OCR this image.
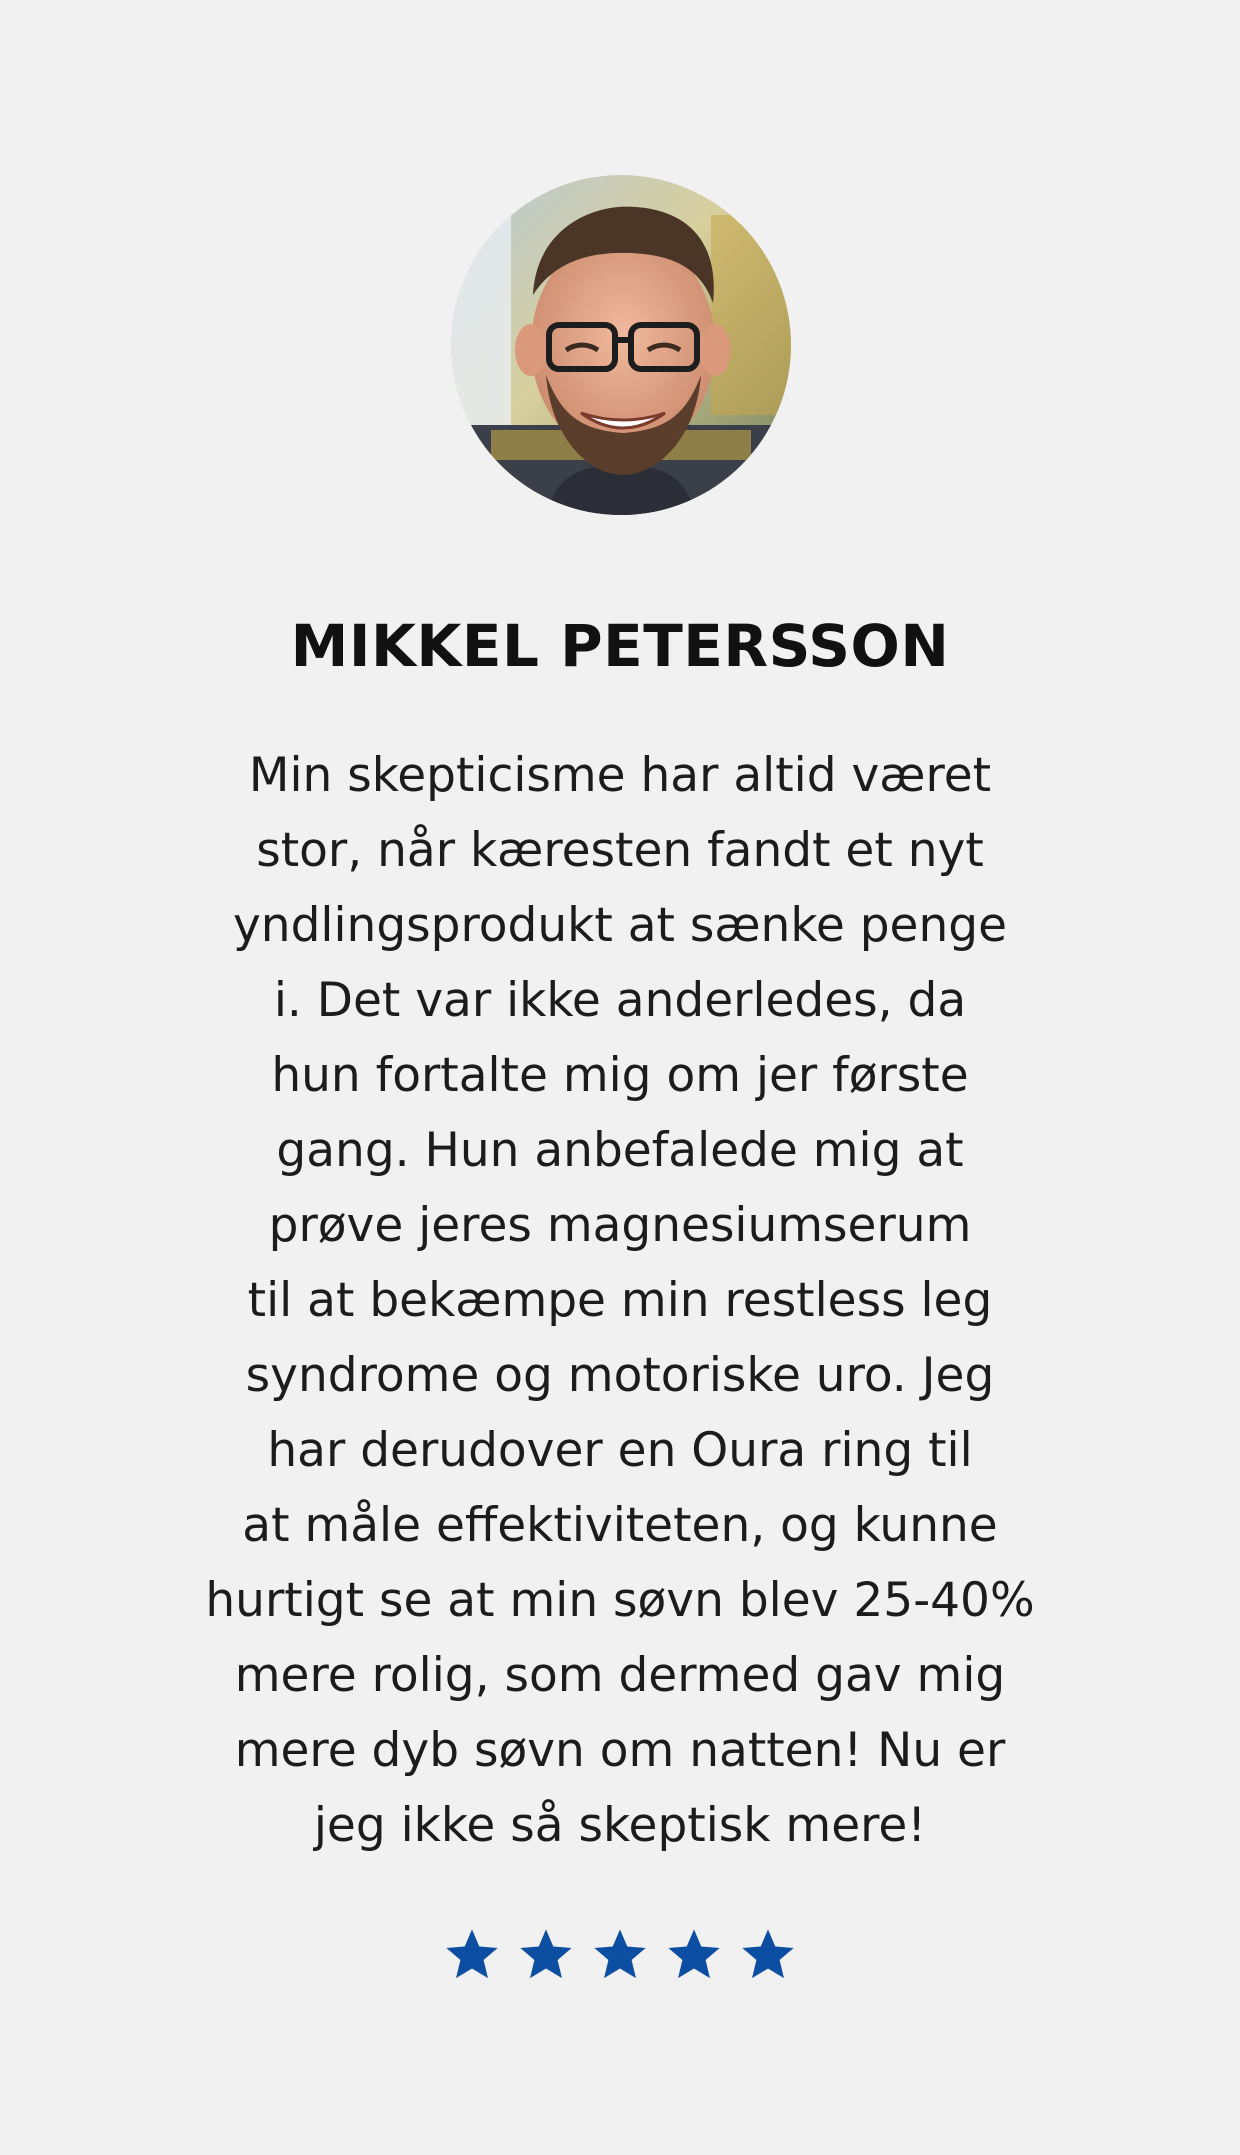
MIKKEL PETERSSON
Min skepticisme har altid været
stor, når kæresten fandt et nyt
yndlingsprodukt at sænke penge
i. Det var ikke anderledes, da
hun fortalte mig om jer første
gang. Hun anbefalede mig at
prøve jeres magnesiumserum
til at bekæmpe min restless leg
syndrome og motoriske uro. Jeg
har derudover en Oura ring til
at måle effektiviteten, og kunne
hurtigt se at min søvn blev 25-40%
mere rolig, som dermed gav mig
mere dyb søvn om natten! Nu er
jeg ikke så skeptisk mere!
